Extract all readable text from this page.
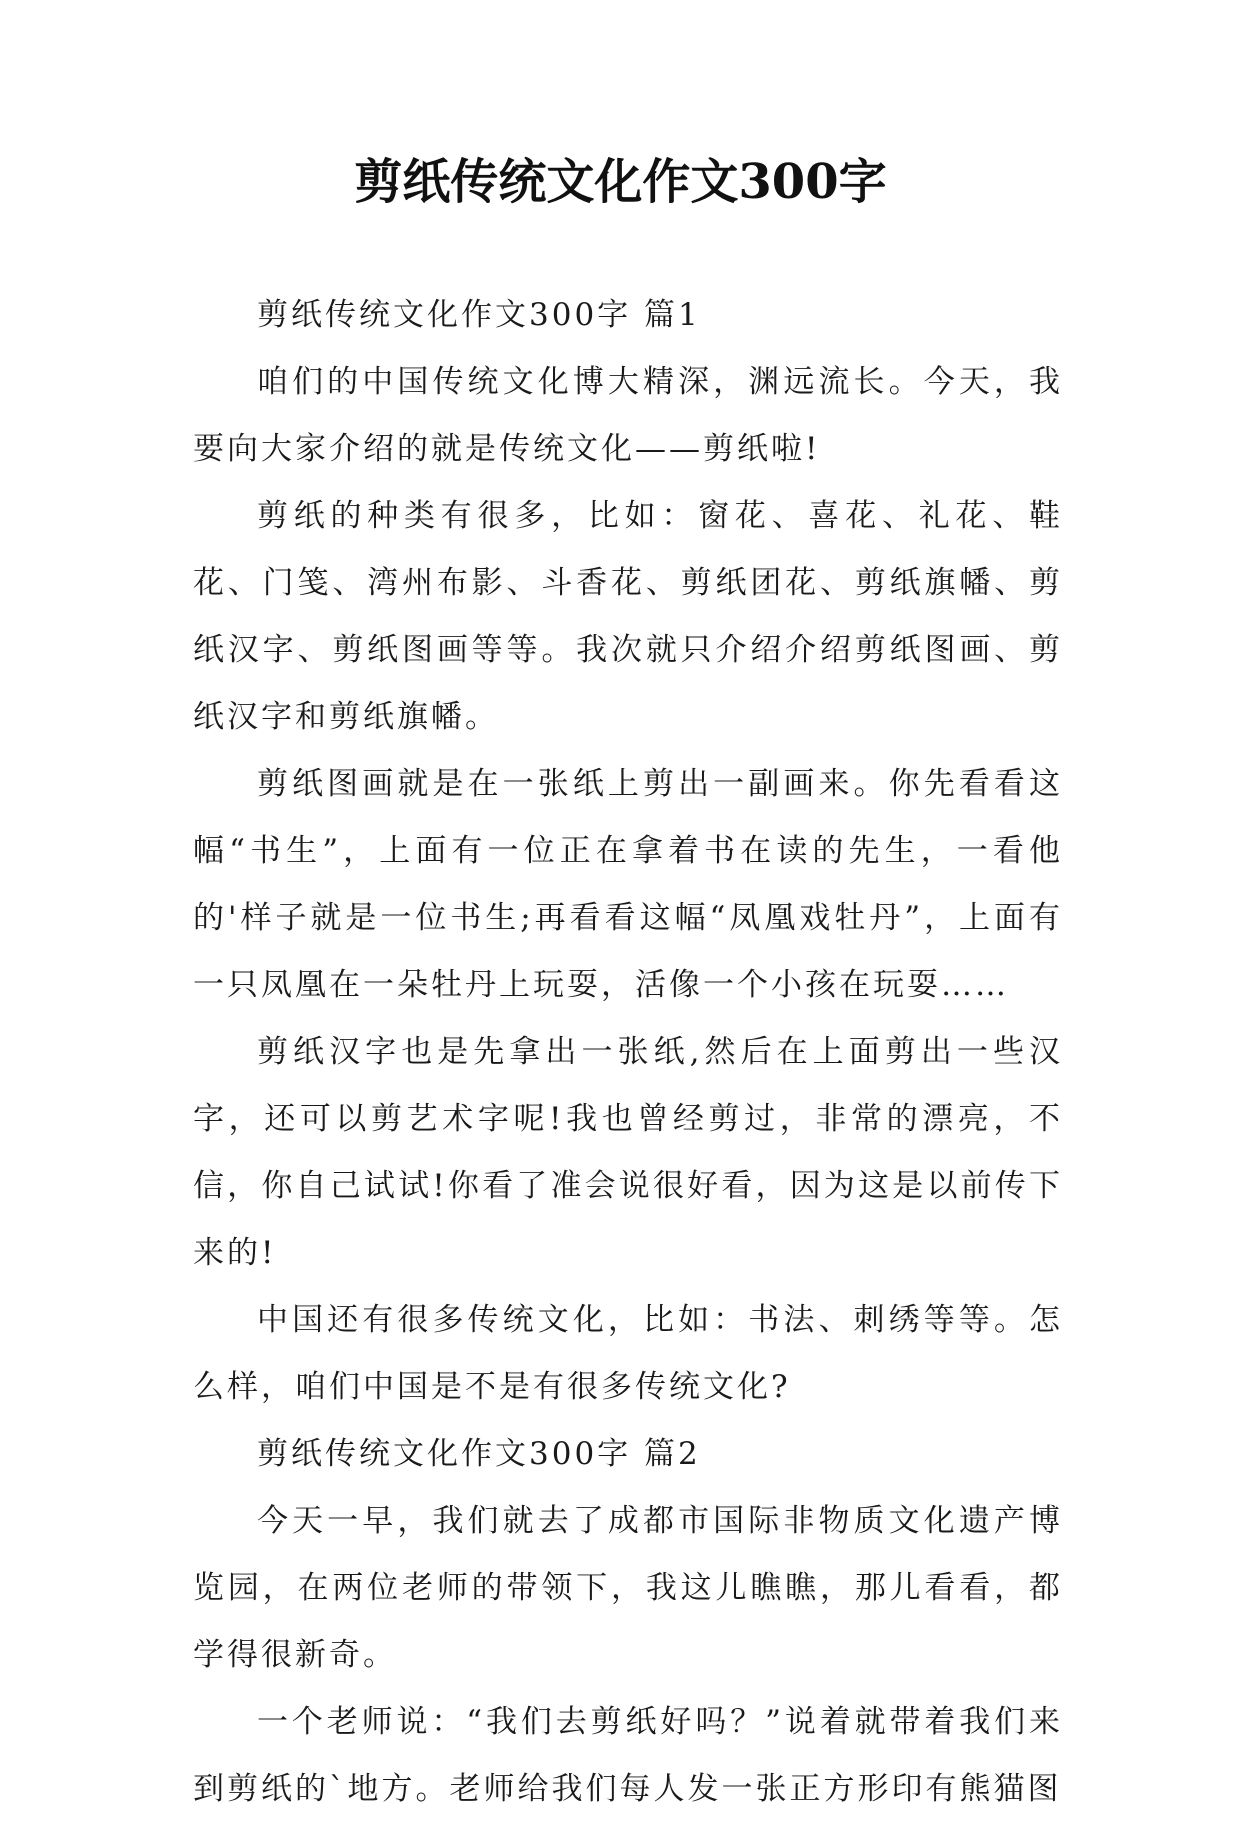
剪纸传统文化作文300字

剪纸传统文化作文300字 篇1

咱们的中国传统文化博大精深，渊远流长。今天，我要向大家介绍的就是传统文化——剪纸啦!

剪纸的种类有很多，比如：窗花、喜花、礼花、鞋花、门笺、湾州布影、斗香花、剪纸团花、剪纸旗幡、剪纸汉字、剪纸图画等等。我次就只介绍介绍剪纸图画、剪纸汉字和剪纸旗幡。

剪纸图画就是在一张纸上剪出一副画来。你先看看这幅“书生”，上面有一位正在拿着书在读的先生，一看他的'样子就是一位书生;再看看这幅“凤凰戏牡丹”，上面有一只凤凰在一朵牡丹上玩耍，活像一个小孩在玩耍……

剪纸汉字也是先拿出一张纸,然后在上面剪出一些汉字，还可以剪艺术字呢!我也曾经剪过，非常的漂亮，不信，你自己试试!你看了准会说很好看，因为这是以前传下来的!

中国还有很多传统文化，比如：书法、刺绣等等。怎么样，咱们中国是不是有很多传统文化?

剪纸传统文化作文300字 篇2

今天一早，我们就去了成都市国际非物质文化遗产博览园，在两位老师的带领下，我这儿瞧瞧，那儿看看，都学得很新奇。

一个老师说：“我们去剪纸好吗？”说着就带着我们来到剪纸的`地方。老师给我们每人发一张正方形印有熊猫图
